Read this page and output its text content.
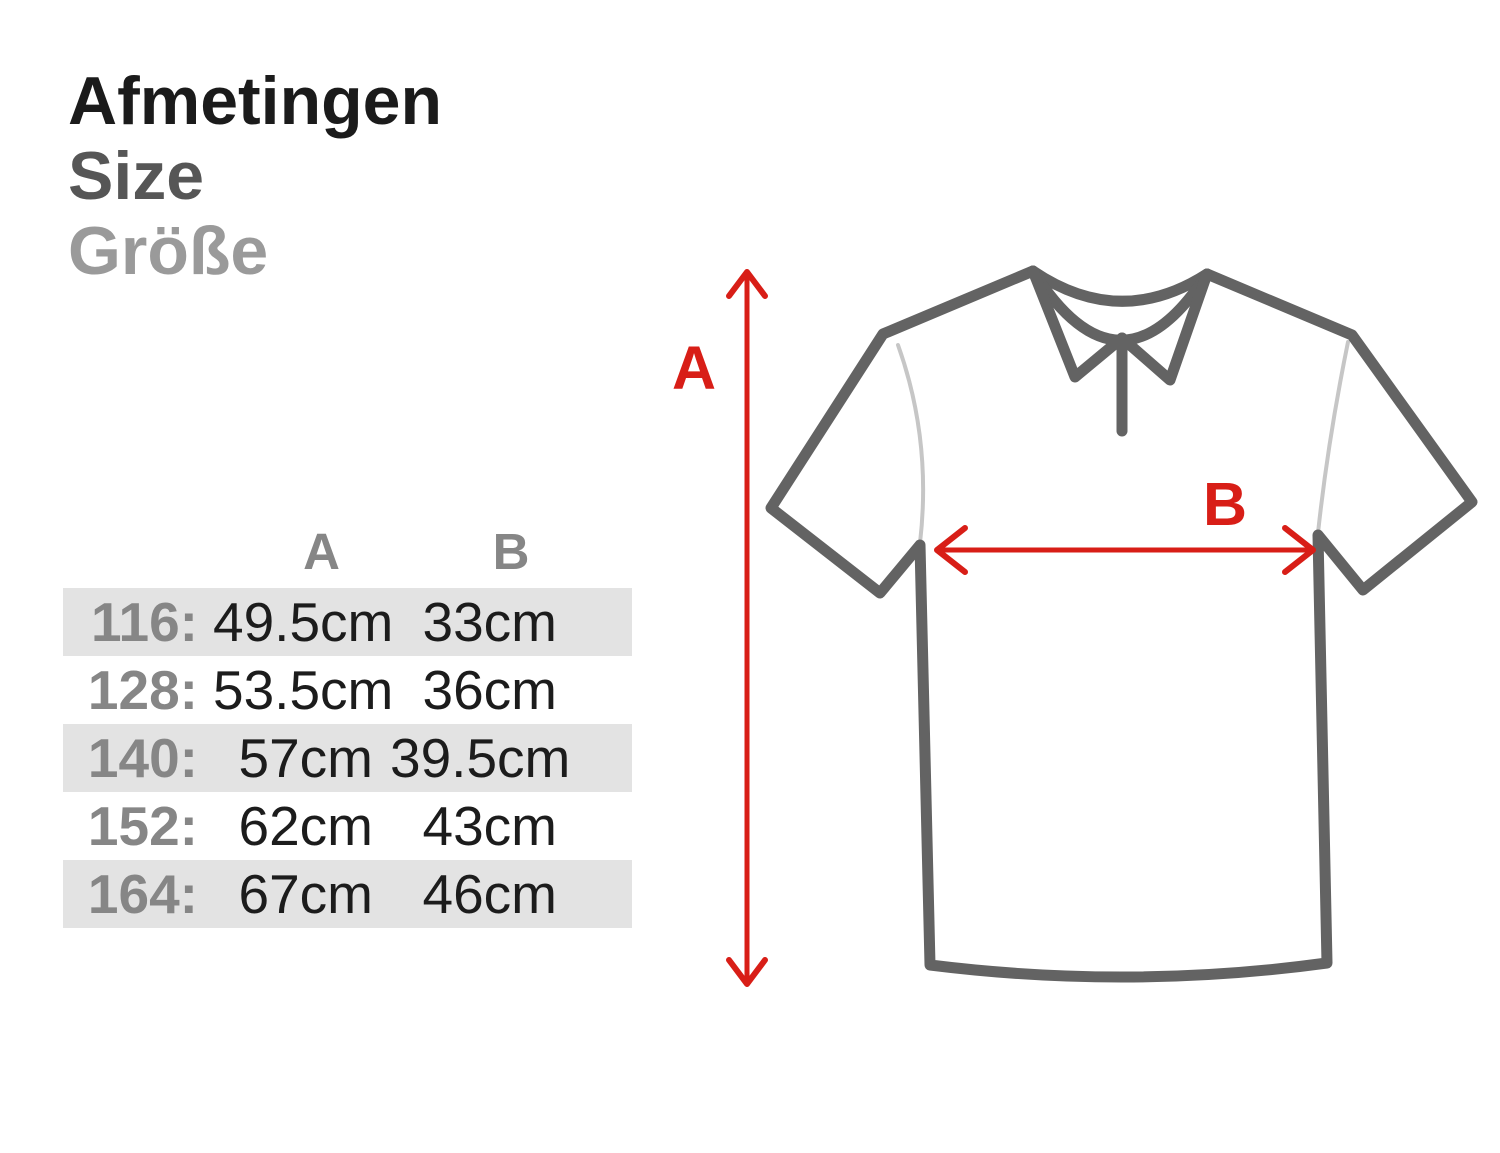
Afmetingen
Size
Größe
A	B
116: 49.5cm 33cm
128: 53.5cm 36cm
140: 57cm 39.5cm
152: 62cm 43cm
164: 67cm 46cm
A
B
